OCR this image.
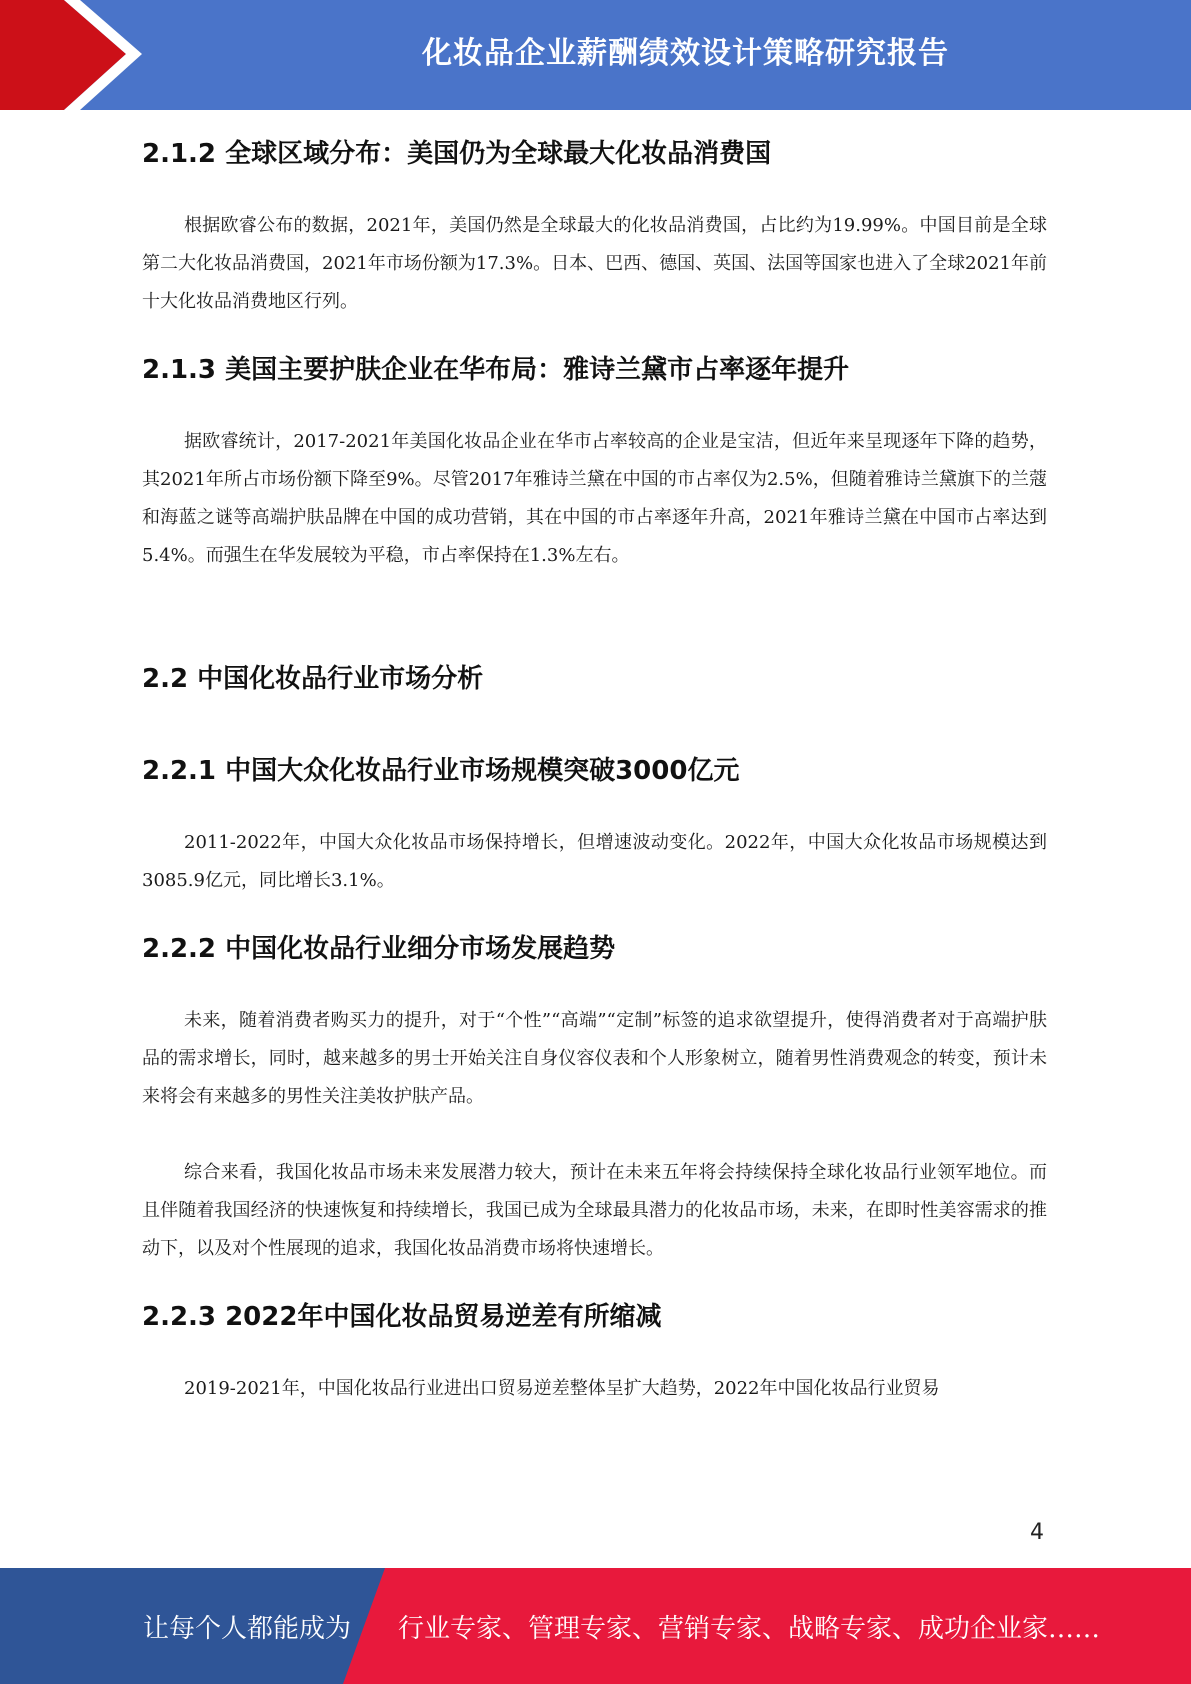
化妆品企业薪酬绩效设计策略研究报告
2.1.2 全球区域分布：美国仍为全球最大化妆品消费国

根据欧睿公布的数据，2021年，美国仍然是全球最大的化妆品消费国，占比约为19.99%。中国目前是全球第二大化妆品消费国，2021年市场份额为17.3%。日本、巴西、德国、英国、法国等国家也进入了全球2021年前十大化妆品消费地区行列。

2.1.3 美国主要护肤企业在华布局：雅诗兰黛市占率逐年提升

据欧睿统计，2017-2021年美国化妆品企业在华市占率较高的企业是宝洁，但近年来呈现逐年下降的趋势，其2021年所占市场份额下降至9%。尽管2017年雅诗兰黛在中国的市占率仅为2.5%，但随着雅诗兰黛旗下的兰蔻和海蓝之谜等高端护肤品牌在中国的成功营销，其在中国的市占率逐年升高，2021年雅诗兰黛在中国市占率达到5.4%。而强生在华发展较为平稳，市占率保持在1.3%左右。

2.2 中国化妆品行业市场分析
2.2.1 中国大众化妆品行业市场规模突破3000亿元

2011-2022年，中国大众化妆品市场保持增长，但增速波动变化。2022年，中国大众化妆品市场规模达到3085.9亿元，同比增长3.1%。

2.2.2 中国化妆品行业细分市场发展趋势

未来，随着消费者购买力的提升，对于“个性”“高端”“定制”标签的追求欲望提升，使得消费者对于高端护肤品的需求增长，同时，越来越多的男士开始关注自身仪容仪表和个人形象树立，随着男性消费观念的转变，预计未来将会有来越多的男性关注美妆护肤产品。

综合来看，我国化妆品市场未来发展潜力较大，预计在未来五年将会持续保持全球化妆品行业领军地位。而且伴随着我国经济的快速恢复和持续增长，我国已成为全球最具潜力的化妆品市场，未来，在即时性美容需求的推动下，以及对个性展现的追求，我国化妆品消费市场将快速增长。

2.2.3 2022年中国化妆品贸易逆差有所缩减

2019-2021年，中国化妆品行业进出口贸易逆差整体呈扩大趋势，2022年中国化妆品行业贸易

4
让每个人都能成为 行业专家、管理专家、营销专家、战略专家、成功企业家……
